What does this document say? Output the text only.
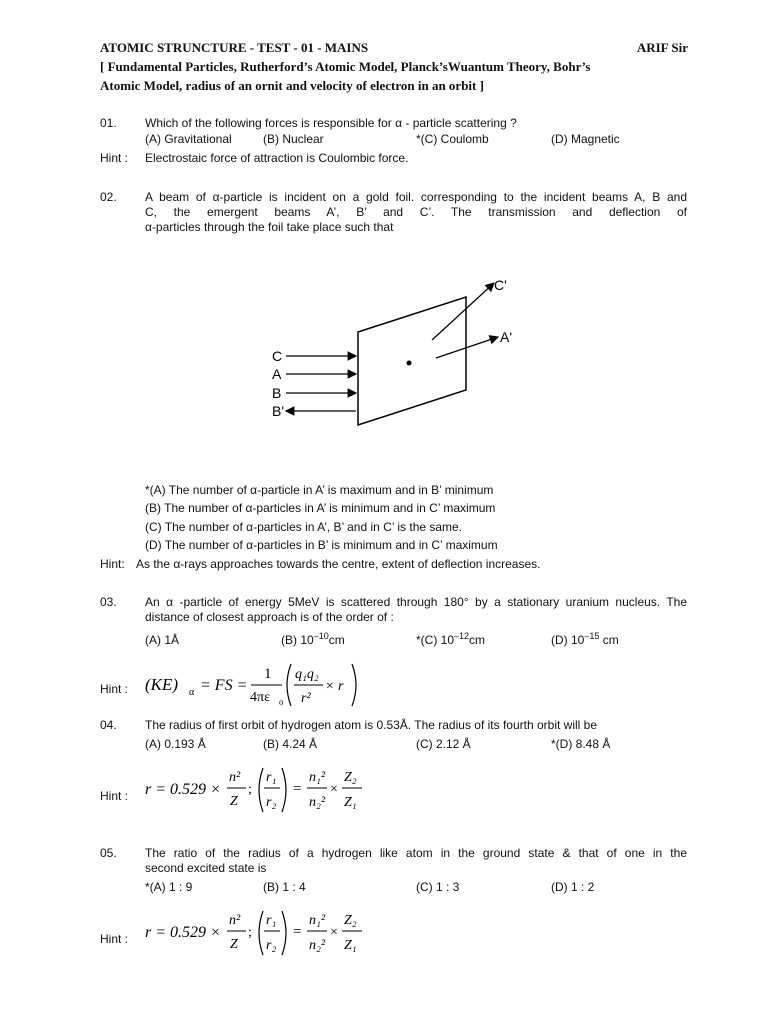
ATOMIC STRUNCTURE - TEST - 01 - MAINS	ARIF Sir
[ Fundamental Particles, Rutherford’s Atomic Model, Planck’sWuantum Theory, Bohr’s
Atomic Model, radius of an ornit and velocity of electron in an orbit ]
01. Which of the following forces is responsible for α - particle scattering ?
(A) Gravitational	(B) Nuclear	*(C) Coulomb	(D) Magnetic
Hint : Electrostaic force of attraction is Coulombic force.
02. A beam of α-particle is incident on a gold foil. corresponding to the incident beams A, B and
C, the emergent beams A’, B’ and C’. The transmission and deflection of
α-particles through the foil take place such that
C
A
B
B'
C'
A'
*(A) The number of α-particle in A’ is maximum and in B’ minimum
(B) The number of α-particles in A’ is minimum and in C’ maximum
(C) The number of α-particles in A’, B’ and in C’ is the same.
(D) The number of α-particles in B’ is minimum and in C’ maximum
Hint: As the α-rays approaches towards the centre, extent of deflection increases.
03. An α -particle of energy 5MeV is scattered through 180° by a stationary uranium nucleus. The
distance of closest approach is of the order of :
(A) 1Å	(B) $10^{-10}cm$	*(C) $10^{-12}cm$	(D) $10^{-15}$ cm
Hint : (KE) α = FS =
1
4πε o
q₁q₂
r²
× r
04. The radius of first orbit of hydrogen atom is 0.53Å. The radius of its fourth orbit will be
(A) 0.193 Å	(B) 4.24 Å	(C) 2.12 Å	*(D) 8.48 Å
Hint : r = 0.529 ×
n²
Z
;
r₁
r₂
=
n₁²
n₂²
×
Z₂
Z₁
05. The ratio of the radius of a hydrogen like atom in the ground state & that of one in the
second excited state is
*(A) 1 : 9	(B) 1 : 4	(C) 1 : 3	(D) 1 : 2
Hint : r = 0.529 ×
n²
Z
;
r₁
r₂
=
n₁²
n₂²
×
Z₂
Z₁
